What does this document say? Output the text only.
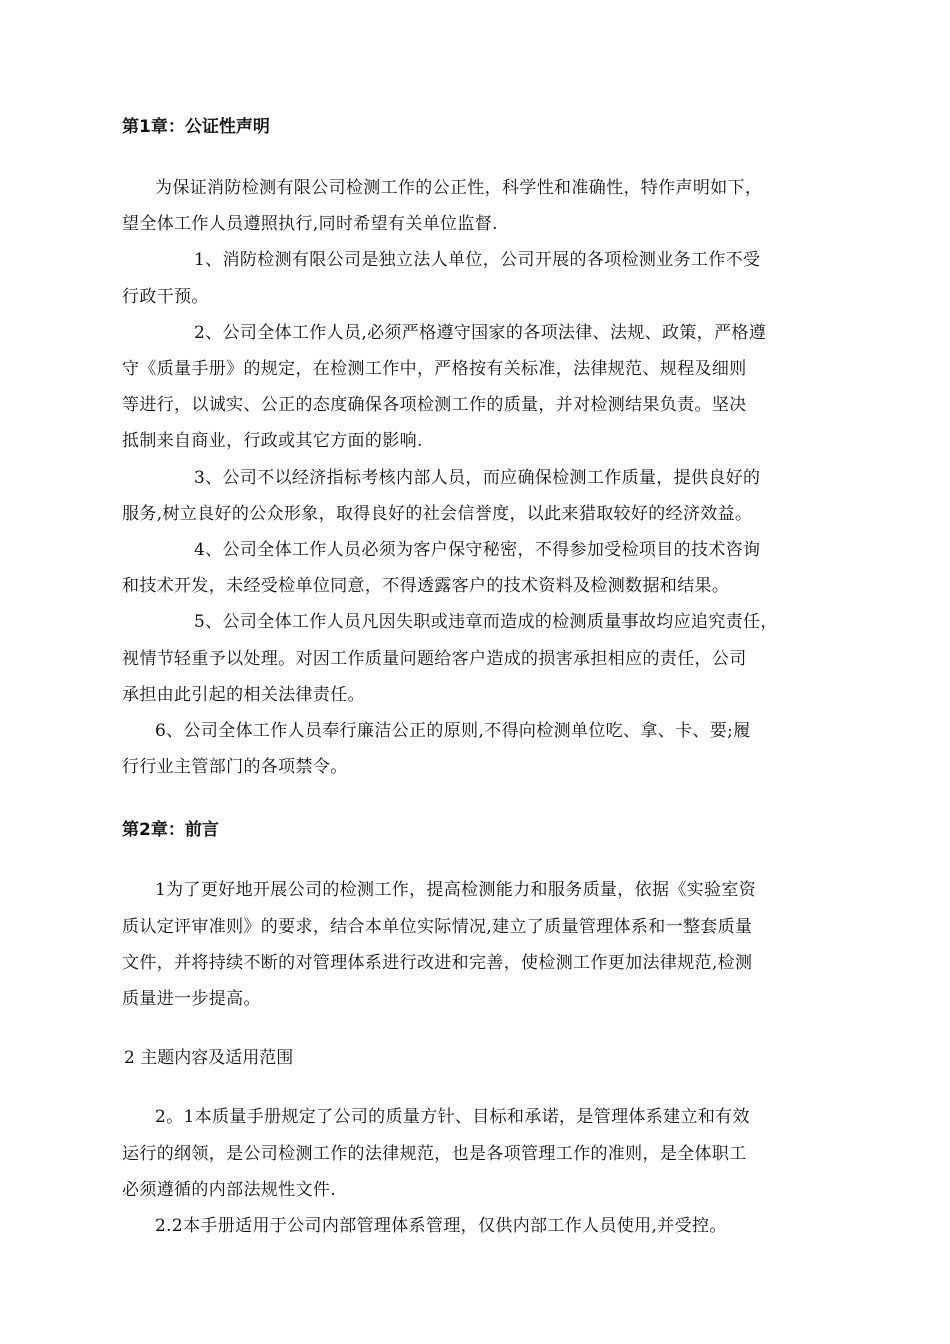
第1章：公证性声明

为保证消防检测有限公司检测工作的公正性，科学性和准确性，特作声明如下，

望全体工作人员遵照执行,同时希望有关单位监督.

1、消防检测有限公司是独立法人单位，公司开展的各项检测业务工作不受

行政干预。

2、公司全体工作人员,必须严格遵守国家的各项法律、法规、政策，严格遵

守《质量手册》的规定，在检测工作中，严格按有关标准，法律规范、规程及细则

等进行，以诚实、公正的态度确保各项检测工作的质量，并对检测结果负责。坚决

抵制来自商业，行政或其它方面的影响.

3、公司不以经济指标考核内部人员，而应确保检测工作质量，提供良好的

服务,树立良好的公众形象，取得良好的社会信誉度，以此来猎取较好的经济效益。

4、公司全体工作人员必须为客户保守秘密，不得参加受检项目的技术咨询

和技术开发，未经受检单位同意，不得透露客户的技术资料及检测数据和结果。

5、公司全体工作人员凡因失职或违章而造成的检测质量事故均应追究责任，

视情节轻重予以处理。对因工作质量问题给客户造成的损害承担相应的责任，公司

承担由此引起的相关法律责任。

6、公司全体工作人员奉行廉洁公正的原则,不得向检测单位吃、拿、卡、要;履

行行业主管部门的各项禁令。

第2章：前言

1为了更好地开展公司的检测工作，提高检测能力和服务质量，依据《实验室资

质认定评审准则》的要求，结合本单位实际情况,建立了质量管理体系和一整套质量

文件，并将持续不断的对管理体系进行改进和完善，使检测工作更加法律规范,检测

质量进一步提高。

2 主题内容及适用范围

2。1本质量手册规定了公司的质量方针、目标和承诺，是管理体系建立和有效

运行的纲领，是公司检测工作的法律规范，也是各项管理工作的准则，是全体职工

必须遵循的内部法规性文件.

2.2本手册适用于公司内部管理体系管理，仅供内部工作人员使用,并受控。
